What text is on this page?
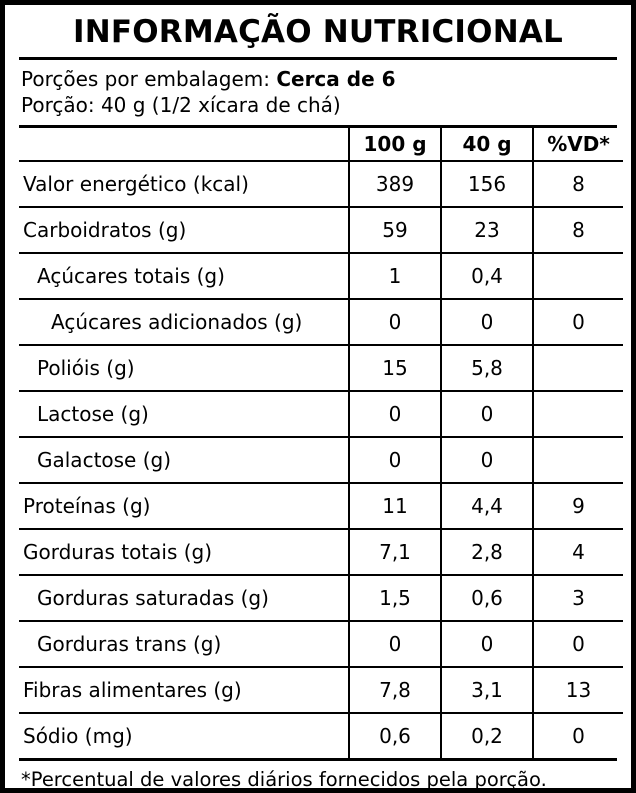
INFORMAÇÃO NUTRICIONAL
Porções por embalagem: Cerca de 6
Porção: 40 g (1/2 xícara de chá)
	100 g	40 g	%VD*
Valor energético (kcal)	389	156	8
Carboidratos (g)	59	23	8
Açúcares totais (g)	1	0,4	
Açúcares adicionados (g)	0	0	0
Polióis (g)	15	5,8	
Lactose (g)	0	0	
Galactose (g)	0	0	
Proteínas (g)	11	4,4	9
Gorduras totais (g)	7,1	2,8	4
Gorduras saturadas (g)	1,5	0,6	3
Gorduras trans (g)	0	0	0
Fibras alimentares (g)	7,8	3,1	13
Sódio (mg)	0,6	0,2	0
*Percentual de valores diários fornecidos pela porção.
